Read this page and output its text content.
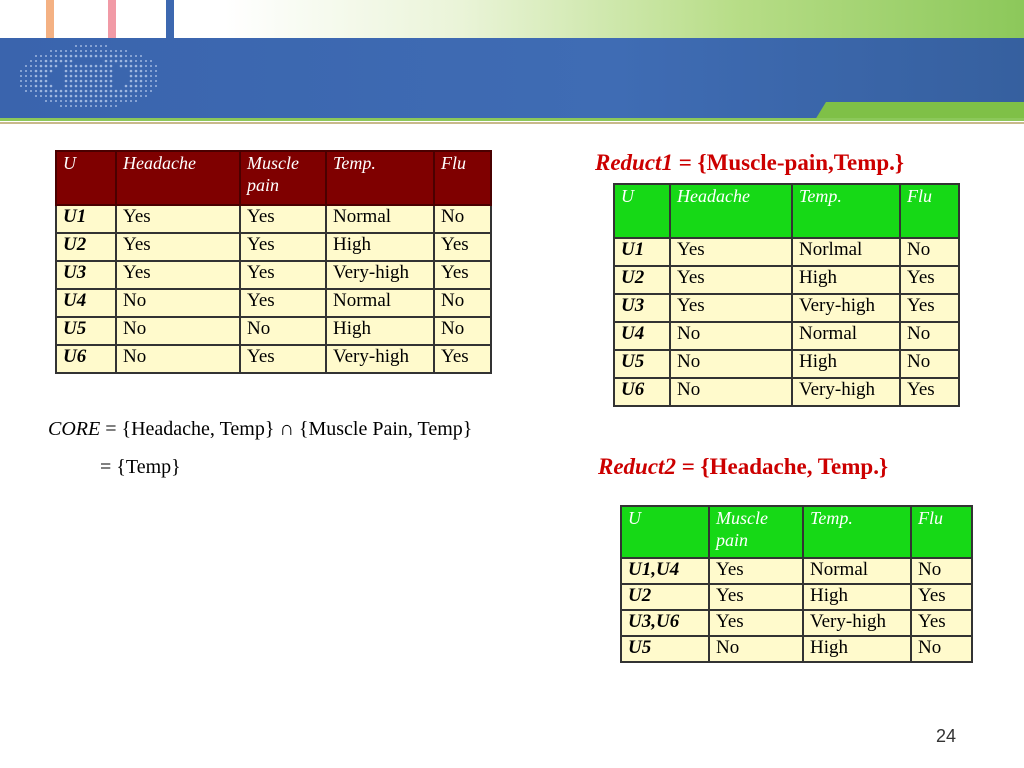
U	Headache	Muscle pain	Temp.	Flu
U1	Yes	Yes	Normal	No
U2	Yes	Yes	High	Yes
U3	Yes	Yes	Very-high	Yes
U4	No	Yes	Normal	No
U5	No	No	High	No
U6	No	Yes	Very-high	Yes
Reduct1 = {Muscle-pain,Temp.}
U	Headache	Temp.	Flu
U1	Yes	Norlmal	No
U2	Yes	High	Yes
U3	Yes	Very-high	Yes
U4	No	Normal	No
U5	No	High	No
U6	No	Very-high	Yes
CORE = {Headache, Temp} ∩ {Muscle Pain, Temp}
= {Temp}	Reduct2 = {Headache, Temp.}
U	Muscle pain	Temp.	Flu
U1,U4	Yes	Normal	No
U2	Yes	High	Yes
U3,U6	Yes	Very-high	Yes
U5	No	High	No
24
